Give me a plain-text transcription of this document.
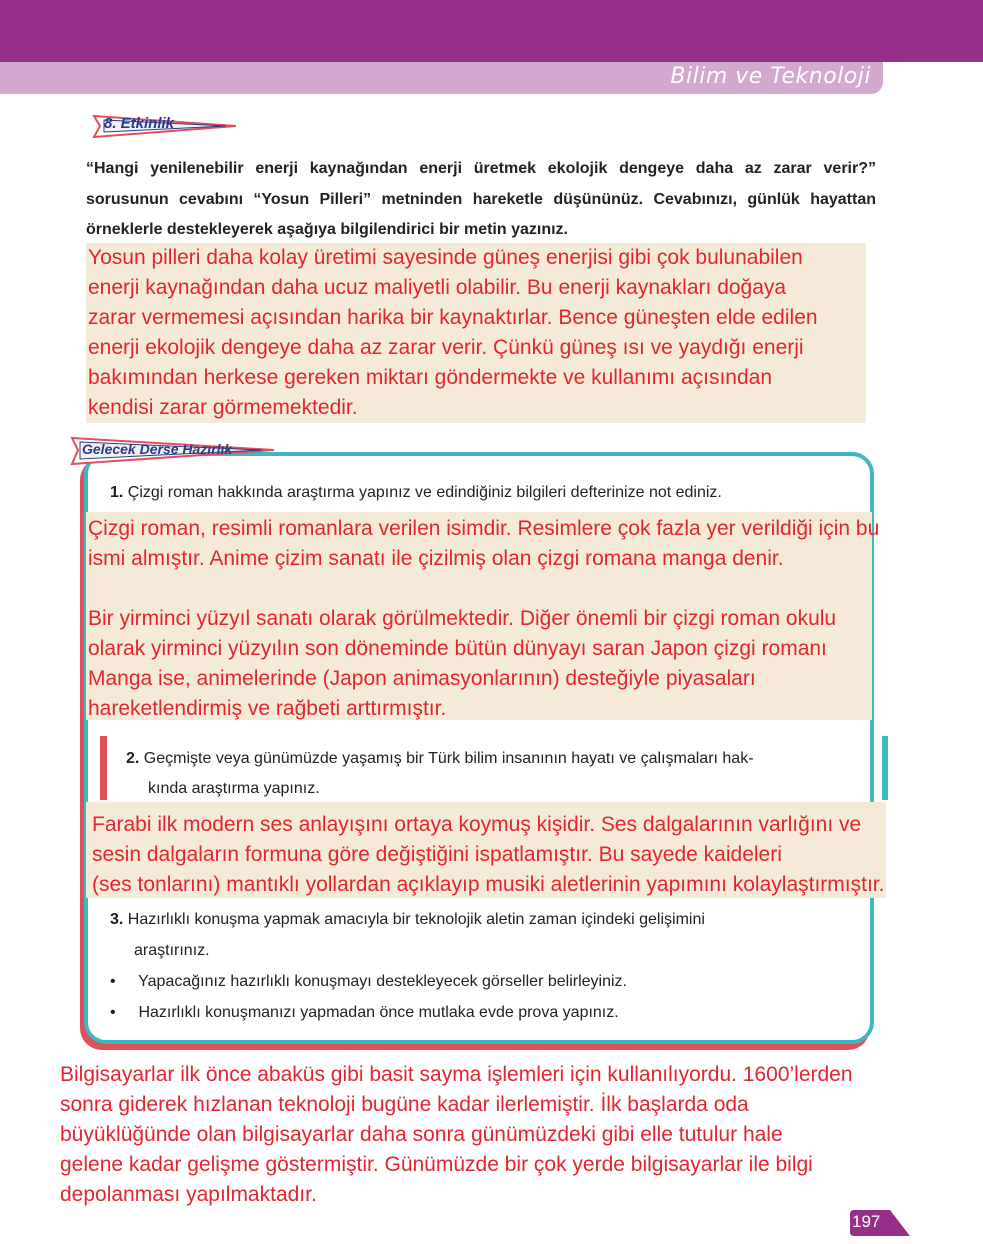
Bilim ve Teknoloji
8. Etkinlik
“Hangi yenilenebilir enerji kaynağından enerji üretmek ekolojik dengeye daha az zarar verir?” sorusunun cevabını “Yosun Pilleri” metninden hareketle düşününüz. Cevabınızı, günlük hayattan örneklerle destekleyerek aşağıya bilgilendirici bir metin yazınız.
Yosun pilleri daha kolay üretimi sayesinde güneş enerjisi gibi çok bulunabilen
enerji kaynağından daha ucuz maliyetli olabilir. Bu enerji kaynakları doğaya
zarar vermemesi açısından harika bir kaynaktırlar. Bence güneşten elde edilen
enerji ekolojik dengeye daha az zarar verir. Çünkü güneş ısı ve yaydığı enerji
bakımından herkese gereken miktarı göndermekte ve kullanımı açısından
kendisi zarar görmemektedir.
Gelecek Derse Hazırlık
1. Çizgi roman hakkında araştırma yapınız ve edindiğiniz bilgileri defterinize not ediniz.
Çizgi roman, resimli romanlara verilen isimdir. Resimlere çok fazla yer verildiği için bu
ismi almıştır. Anime çizim sanatı ile çizilmiş olan çizgi romana manga denir.
Bir yirminci yüzyıl sanatı olarak görülmektedir. Diğer önemli bir çizgi roman okulu
olarak yirminci yüzyılın son döneminde bütün dünyayı saran Japon çizgi romanı
Manga ise, animelerinde (Japon animasyonlarının) desteğiyle piyasaları
hareketlendirmiş ve rağbeti arttırmıştır.
2. Geçmişte veya günümüzde yaşamış bir Türk bilim insanının hayatı ve çalışmaları hak-
kında araştırma yapınız.
Farabi ilk modern ses anlayışını ortaya koymuş kişidir. Ses dalgalarının varlığını ve
sesin dalgaların formuna göre değiştiğini ispatlamıştır. Bu sayede kaideleri
(ses tonlarını) mantıklı yollardan açıklayıp musiki aletlerinin yapımını kolaylaştırmıştır.
3. Hazırlıklı konuşma yapmak amacıyla bir teknolojik aletin zaman içindeki gelişimini
araştırınız.
• Yapacağınız hazırlıklı konuşmayı destekleyecek görseller belirleyiniz.
• Hazırlıklı konuşmanızı yapmadan önce mutlaka evde prova yapınız.
Bilgisayarlar ilk önce abaküs gibi basit sayma işlemleri için kullanılıyordu. 1600’lerden
sonra giderek hızlanan teknoloji bugüne kadar ilerlemiştir. İlk başlarda oda
büyüklüğünde olan bilgisayarlar daha sonra günümüzdeki gibi elle tutulur hale
gelene kadar gelişme göstermiştir. Günümüzde bir çok yerde bilgisayarlar ile bilgi
depolanması yapılmaktadır.
197
